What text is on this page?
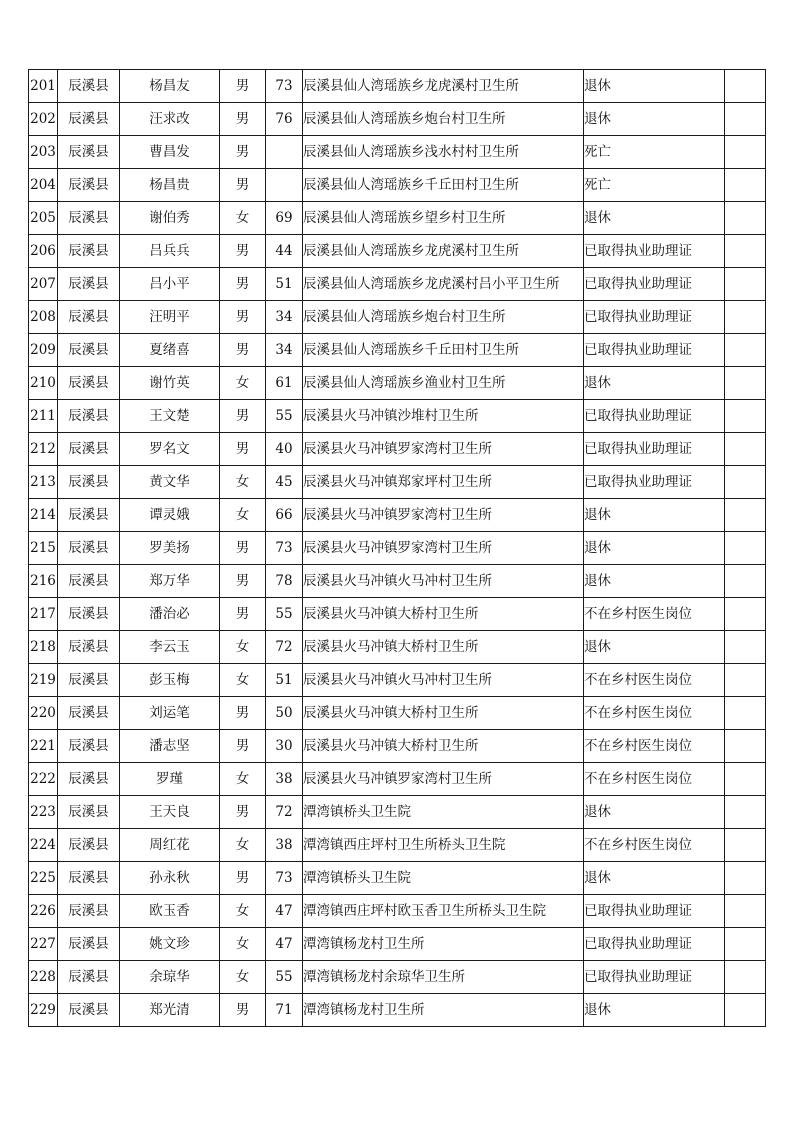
201	辰溪县	杨昌友	男	73	辰溪县仙人湾瑶族乡龙虎溪村卫生所	退休	
202	辰溪县	汪求改	男	76	辰溪县仙人湾瑶族乡炮台村卫生所	退休	
203	辰溪县	曹昌发	男		辰溪县仙人湾瑶族乡浅水村村卫生所	死亡	
204	辰溪县	杨昌贵	男		辰溪县仙人湾瑶族乡千丘田村卫生所	死亡	
205	辰溪县	谢伯秀	女	69	辰溪县仙人湾瑶族乡望乡村卫生所	退休	
206	辰溪县	吕兵兵	男	44	辰溪县仙人湾瑶族乡龙虎溪村卫生所	已取得执业助理证	
207	辰溪县	吕小平	男	51	辰溪县仙人湾瑶族乡龙虎溪村吕小平卫生所	已取得执业助理证	
208	辰溪县	汪明平	男	34	辰溪县仙人湾瑶族乡炮台村卫生所	已取得执业助理证	
209	辰溪县	夏绪喜	男	34	辰溪县仙人湾瑶族乡千丘田村卫生所	已取得执业助理证	
210	辰溪县	谢竹英	女	61	辰溪县仙人湾瑶族乡渔业村卫生所	退休	
211	辰溪县	王文楚	男	55	辰溪县火马冲镇沙堆村卫生所	已取得执业助理证	
212	辰溪县	罗名文	男	40	辰溪县火马冲镇罗家湾村卫生所	已取得执业助理证	
213	辰溪县	黄文华	女	45	辰溪县火马冲镇郑家坪村卫生所	已取得执业助理证	
214	辰溪县	谭灵娥	女	66	辰溪县火马冲镇罗家湾村卫生所	退休	
215	辰溪县	罗美扬	男	73	辰溪县火马冲镇罗家湾村卫生所	退休	
216	辰溪县	郑万华	男	78	辰溪县火马冲镇火马冲村卫生所	退休	
217	辰溪县	潘治必	男	55	辰溪县火马冲镇大桥村卫生所	不在乡村医生岗位	
218	辰溪县	李云玉	女	72	辰溪县火马冲镇大桥村卫生所	退休	
219	辰溪县	彭玉梅	女	51	辰溪县火马冲镇火马冲村卫生所	不在乡村医生岗位	
220	辰溪县	刘运笔	男	50	辰溪县火马冲镇大桥村卫生所	不在乡村医生岗位	
221	辰溪县	潘志坚	男	30	辰溪县火马冲镇大桥村卫生所	不在乡村医生岗位	
222	辰溪县	罗瑾	女	38	辰溪县火马冲镇罗家湾村卫生所	不在乡村医生岗位	
223	辰溪县	王天良	男	72	潭湾镇桥头卫生院	退休	
224	辰溪县	周红花	女	38	潭湾镇西庄坪村卫生所桥头卫生院	不在乡村医生岗位	
225	辰溪县	孙永秋	男	73	潭湾镇桥头卫生院	退休	
226	辰溪县	欧玉香	女	47	潭湾镇西庄坪村欧玉香卫生所桥头卫生院	已取得执业助理证	
227	辰溪县	姚文珍	女	47	潭湾镇杨龙村卫生所	已取得执业助理证	
228	辰溪县	余琼华	女	55	潭湾镇杨龙村余琼华卫生所	已取得执业助理证	
229	辰溪县	郑光清	男	71	潭湾镇杨龙村卫生所	退休	
